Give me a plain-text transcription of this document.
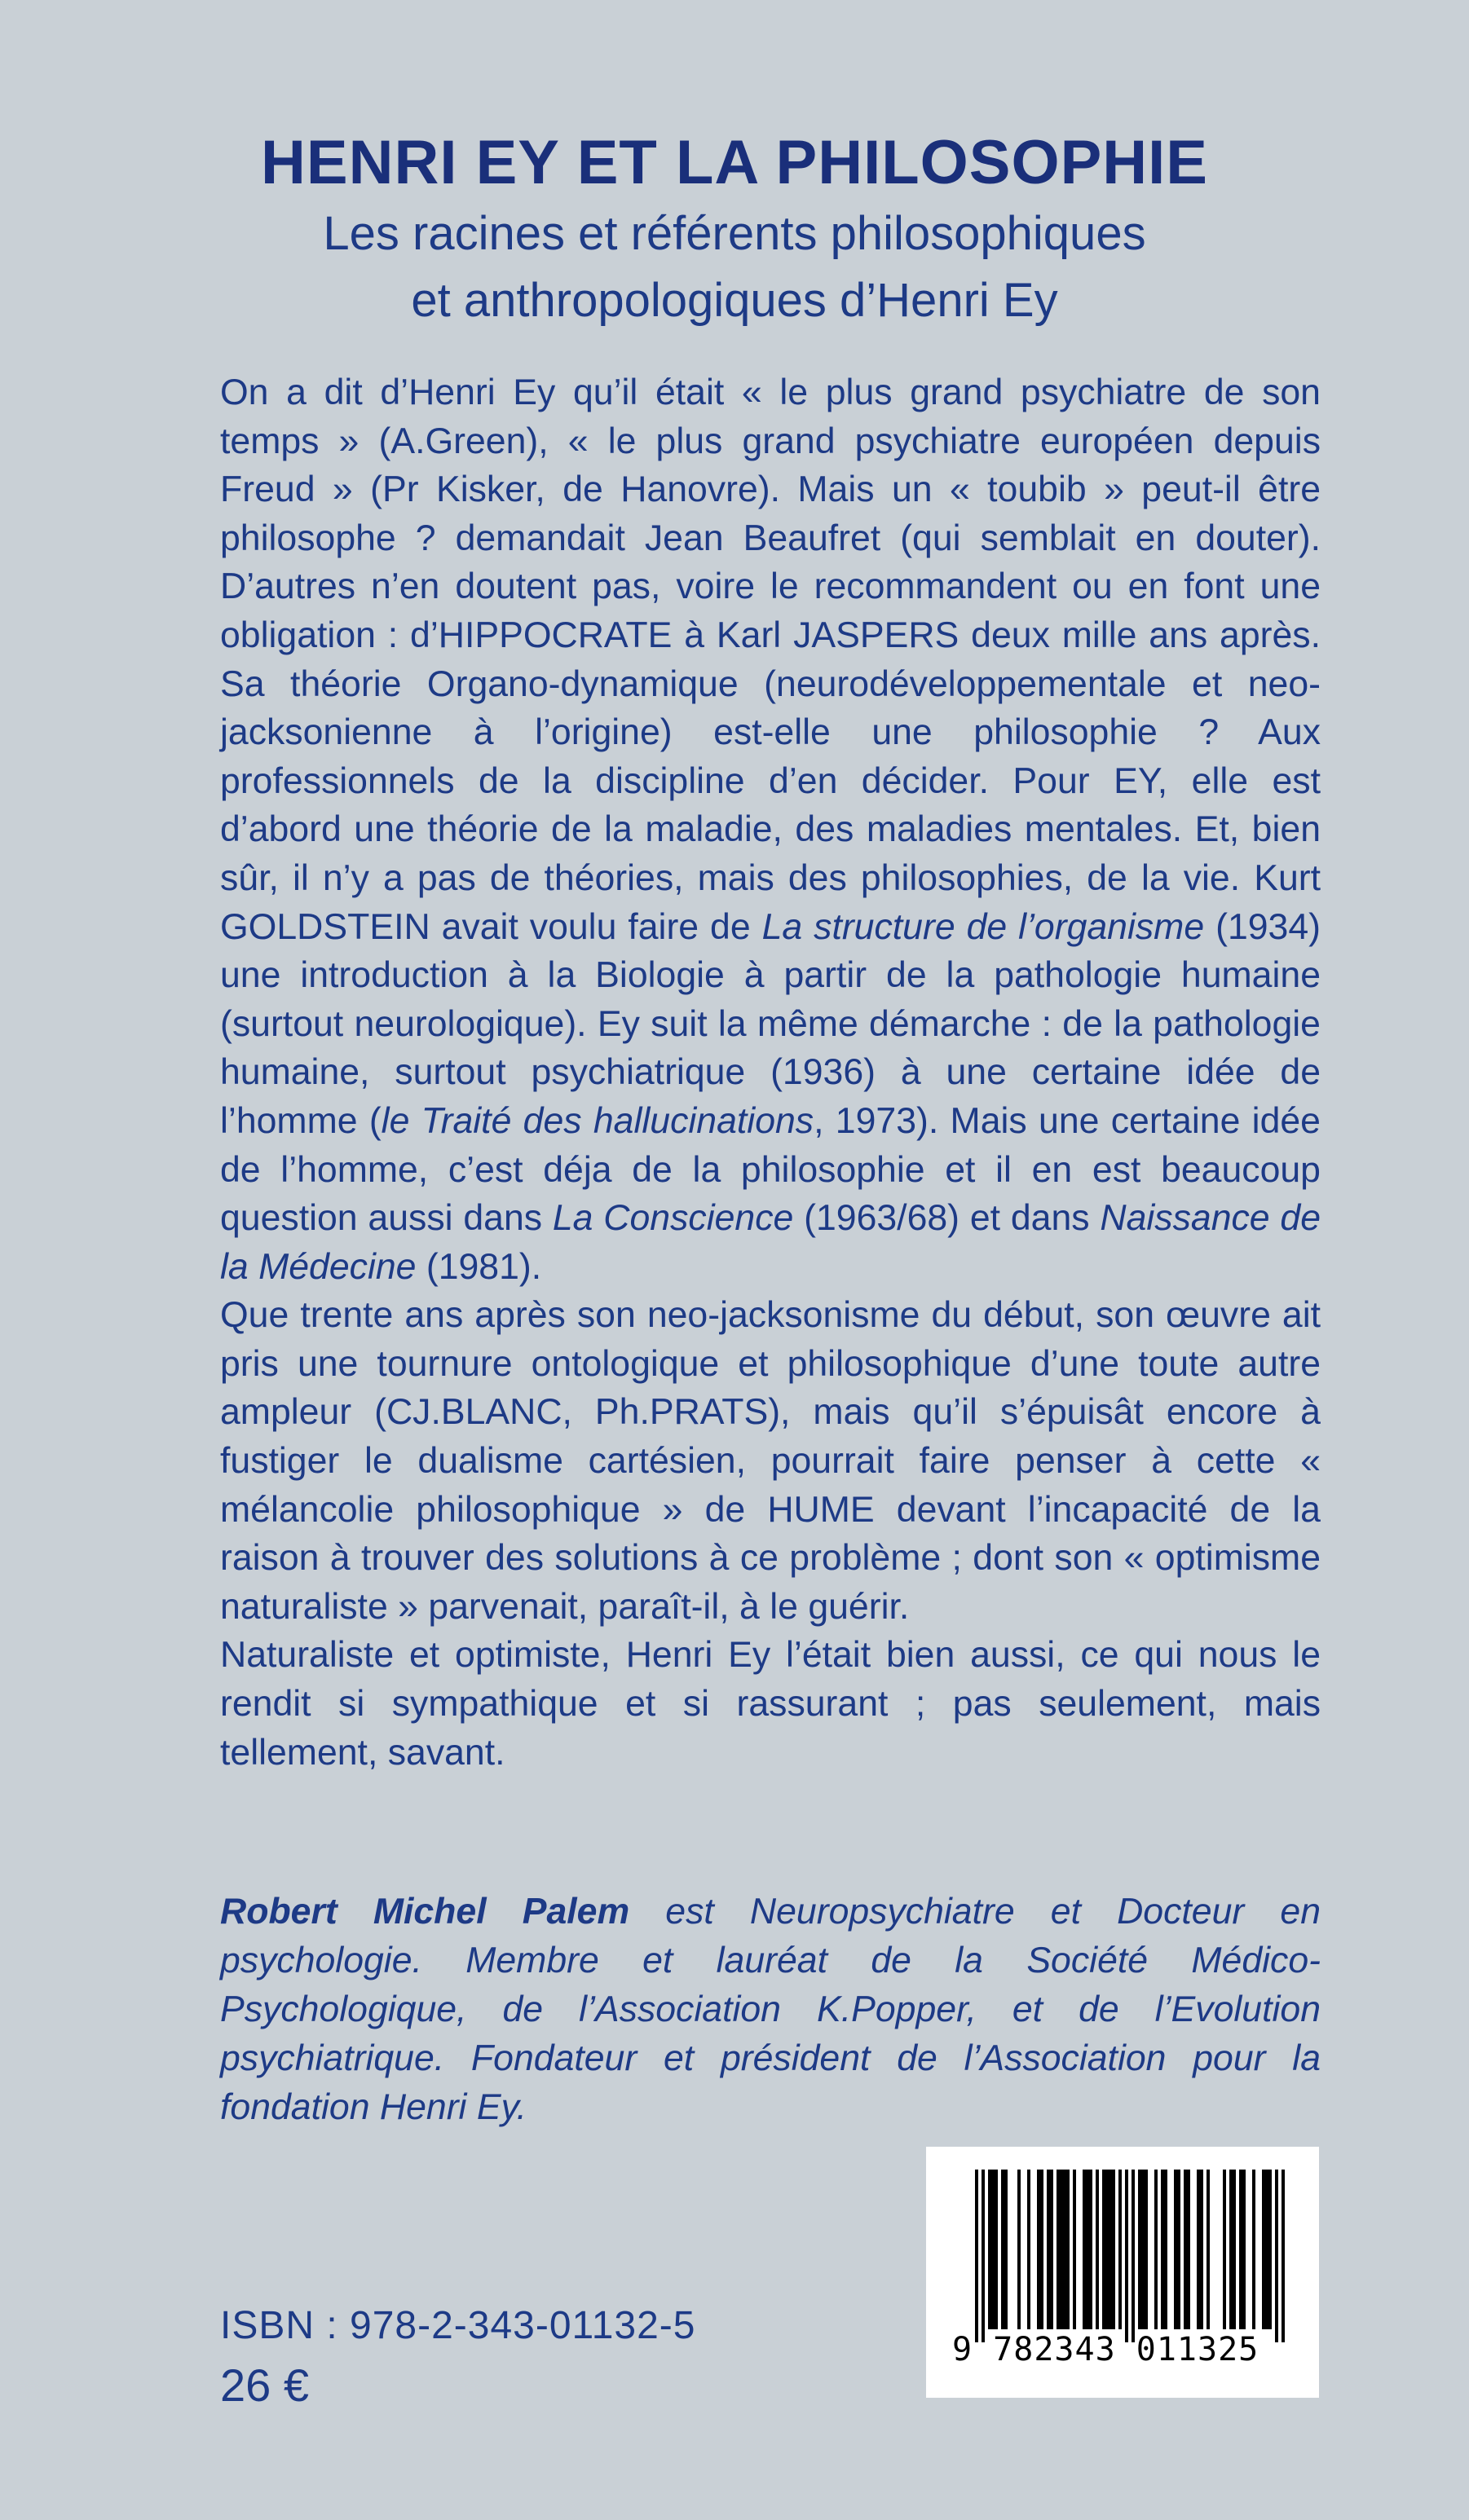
HENRI EY ET LA PHILOSOPHIE
Les racines et référents philosophiques
et anthropologiques d’Henri Ey

On a dit d’Henri Ey qu’il était « le plus grand psychiatre de son temps » (A.Green), « le plus grand psychiatre européen depuis Freud » (Pr Kisker, de Hanovre). Mais un « toubib » peut-il être philosophe ? demandait Jean Beaufret (qui semblait en douter). D’autres n’en doutent pas, voire le recommandent ou en font une obligation : d’HIPPOCRATE à Karl JASPERS deux mille ans après. Sa théorie Organo-dynamique (neurodéveloppementale et neo-jacksonienne à l’origine) est-elle une philosophie ? Aux professionnels de la discipline d’en décider. Pour EY, elle est d’abord une théorie de la maladie, des maladies mentales. Et, bien sûr, il n’y a pas de théories, mais des philosophies, de la vie. Kurt GOLDSTEIN avait voulu faire de La structure de l’organisme (1934) une introduction à la Biologie à partir de la pathologie humaine (surtout neurologique). Ey suit la même démarche : de la pathologie humaine, surtout psychiatrique (1936) à une certaine idée de l’homme (le Traité des hallucinations, 1973). Mais une certaine idée de l’homme, c’est déja de la philosophie et il en est beaucoup question aussi dans La Conscience (1963/68) et dans Naissance de la Médecine (1981).

Que trente ans après son neo-jacksonisme du début, son œuvre ait pris une tournure ontologique et philosophique d’une toute autre ampleur (CJ.BLANC, Ph.PRATS), mais qu’il s’épuisât encore à fustiger le dualisme cartésien, pourrait faire penser à cette « mélancolie philosophique » de HUME devant l’incapacité de la raison à trouver des solutions à ce problème ; dont son « optimisme naturaliste » parvenait, paraît-il, à le guérir.

Naturaliste et optimiste, Henri Ey l’était bien aussi, ce qui nous le rendit si sympathique et si rassurant ; pas seulement, mais tellement, savant.

Robert Michel Palem est Neuropsychiatre et Docteur en psychologie. Membre et lauréat de la Société Médico-Psychologique, de l’Association K.Popper, et de l’Evolution psychiatrique. Fondateur et président de l’Association pour la fondation Henri Ey.

ISBN : 978-2-343-01132-5

26 €

9 782343 011325
